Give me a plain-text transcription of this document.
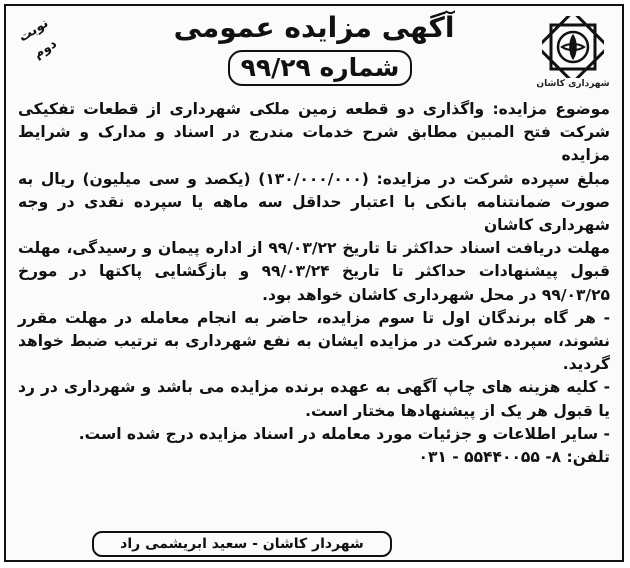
نوبت دوم
آگهی مزایده عمومی
شماره ۹۹/۲۹
شهرداری کاشان

موضوع مزایده: واگذاری دو قطعه زمین ملکی شهرداری از قطعات تفکیکی شرکت فتح المبین مطابق شرح خدمات مندرج در اسناد و مدارک و شرایط مزایده

مبلغ سپرده شرکت در مزایده: (۱۳۰/۰۰۰/۰۰۰) (یکصد و سی میلیون) ریال به صورت ضمانتنامه بانکی با اعتبار حداقل سه ماهه یا سپرده نقدی در وجه شهرداری کاشان

مهلت دریافت اسناد حداکثر تا تاریخ ۹۹/۰۳/۲۲ از اداره پیمان و رسیدگی، مهلت قبول پیشنهادات حداکثر تا تاریخ ۹۹/۰۳/۲۴ و بازگشایی پاکتها در مورخ ۹۹/۰۳/۲۵ در محل شهرداری کاشان خواهد بود.

- هر گاه برندگان اول تا سوم مزایده، حاضر به انجام معامله در مهلت مقرر نشوند، سپرده شرکت در مزایده ایشان به نفع شهرداری به ترتیب ضبط خواهد گردید.

- کلیه هزینه های چاپ آگهی به عهده برنده مزایده می باشد و شهرداری در رد یا قبول هر یک از پیشنهادها مختار است.

- سایر اطلاعات و جزئیات مورد معامله در اسناد مزایده درج شده است.

تلفن: ۸- ۵۵۴۴۰۰۵۵ - ۰۳۱

شهردار کاشان - سعید ابریشمی راد
